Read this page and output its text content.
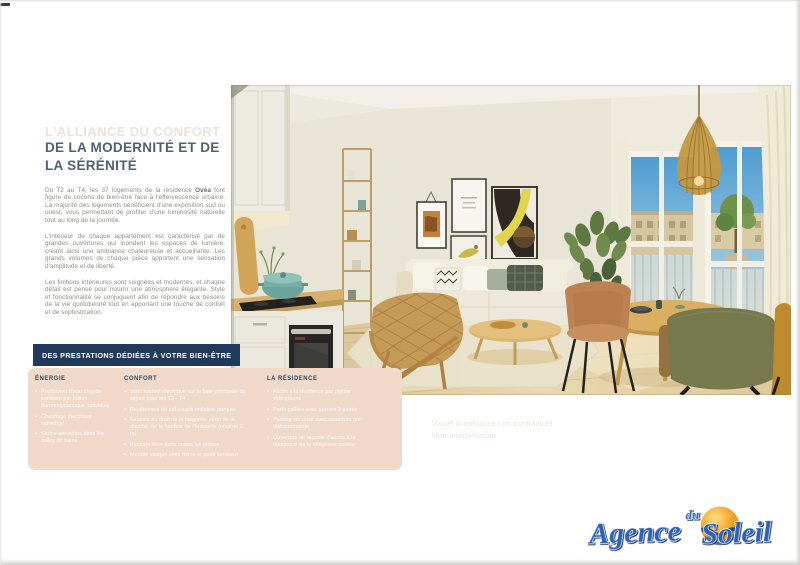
L'ALLIANCE DU CONFORT
DE LA MODERNITÉ ET DE
LA SÉRÉNITÉ

Du T2 au T4, les 37 logements de la résidence Ovéa font figure de cocons de bien-être face à l'effervescence urbaine. La majorité des logements bénéficient d'une exposition sud ou ouest, vous permettant de profiter d'une luminosité naturelle tout au long de la journée.

L'intérieur de chaque appartement est caractérisé par de grandes ouvertures qui inondent les espaces de lumière, créant ainsi une ambiance chaleureuse et accueillante. Les grands volumes de chaque pièce apportent une sensation d'amplitude et de liberté.

Les finitions intérieures sont soignées et modernes, et chaque détail est pensé pour nourrir une atmosphère élégante. Style et fonctionnalité se conjuguent afin de répondre aux besoins de la vie quotidienne tout en apportant une touche de confort et de sophistication.

Visuel d'ambiance non contractuel
libre interprétation
DES PRESTATIONS DÉDIÉES À VOTRE BIEN-ÊTRE
ÉNERGIE
• Production d'eau chaude sanitaire par ballon thermodynamique individuel
• Chauffage électrique individuel
• Sèche-serviettes dans les salles de bains
CONFORT
• Volet roulant électrique sur la baie principale du séjour pour les T3 - T4
• Revêtement de sol souple imitation parquet
• Faïence au droit de la baignoire et/ou de la douche sur la hauteur de l'huisserie (environ 2 m)
• Peinture lisse dans toutes les pièces
• Meuble vasque avec miroir et point lumineux
LA RÉSIDENCE
• Accès à la résidence par platine vidéophone
• Porte palière avec serrure 3 points
• Parking sécurisé avec ouverture par télécommande
• Ouverture de la porte d'accès à la résidence via le téléphone mobile
Agence du
Soleil
